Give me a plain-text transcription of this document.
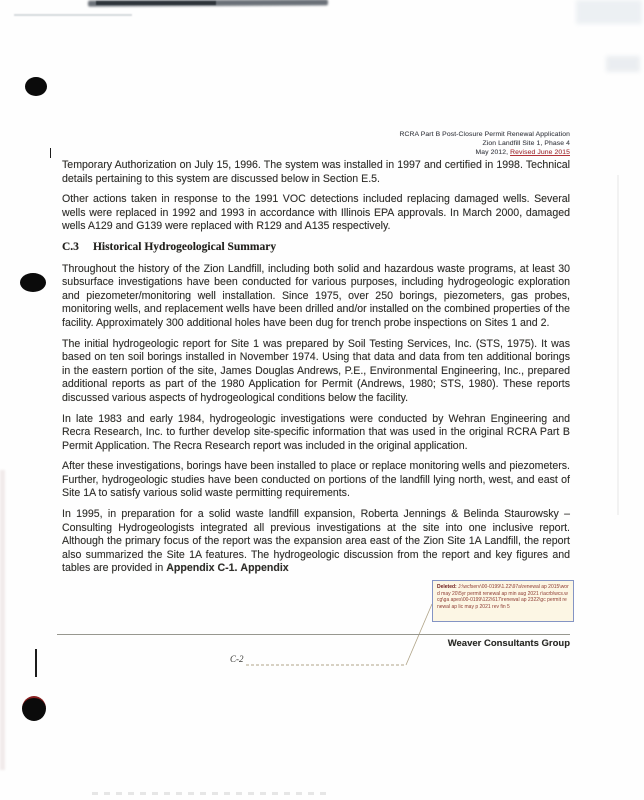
RCRA Part B Post-Closure Permit Renewal Application
Zion Landfill Site 1, Phase 4
May 2012, Revised June 2015

Temporary Authorization on July 15, 1996. The system was installed in 1997 and certified in 1998. Technical details pertaining to this system are discussed below in Section E.5.

Other actions taken in response to the 1991 VOC detections included replacing damaged wells. Several wells were replaced in 1992 and 1993 in accordance with Illinois EPA approvals. In March 2000, damaged wells A129 and G139 were replaced with R129 and A135 respectively.

C.3 Historical Hydrogeological Summary

Throughout the history of the Zion Landfill, including both solid and hazardous waste programs, at least 30 subsurface investigations have been conducted for various purposes, including hydrogeologic exploration and piezometer/monitoring well installation. Since 1975, over 250 borings, piezometers, gas probes, monitoring wells, and replacement wells have been drilled and/or installed on the combined properties of the facility. Approximately 300 additional holes have been dug for trench probe inspections on Sites 1 and 2.

The initial hydrogeologic report for Site 1 was prepared by Soil Testing Services, Inc. (STS, 1975). It was based on ten soil borings installed in November 1974. Using that data and data from ten additional borings in the eastern portion of the site, James Douglas Andrews, P.E., Environmental Engineering, Inc., prepared additional reports as part of the 1980 Application for Permit (Andrews, 1980; STS, 1980). These reports discussed various aspects of hydrogeological conditions below the facility.

In late 1983 and early 1984, hydrogeologic investigations were conducted by Wehran Engineering and Recra Research, Inc. to further develop site-specific information that was used in the original RCRA Part B Permit Application. The Recra Research report was included in the original application.

After these investigations, borings have been installed to place or replace monitoring wells and piezometers. Further, hydrogeologic studies have been conducted on portions of the landfill lying north, west, and east of Site 1A to satisfy various solid waste permitting requirements.

In 1995, in preparation for a solid waste landfill expansion, Roberta Jennings & Belinda Staurowsky – Consulting Hydrogeologists integrated all previous investigations at the site into one inclusive report. Although the primary focus of the report was the expansion area east of the Zion Site 1A Landfill, the report also summarized the Site 1A features. The hydrogeologic discussion from the report and key figures and tables are provided in Appendix C-1. Appendix

Deleted: J:\wcfserv\00-0199\1.22\97a\renewal ap 2015\word may 20\5yr permit renewal ap min aug 2021 r\acrb\wcs.wcg\ga apes\00-0199\122\617\renewal ap 2322\gc permit renewal ap lic may p 2021 rev fin 5
Weaver Consultants Group
C-2
